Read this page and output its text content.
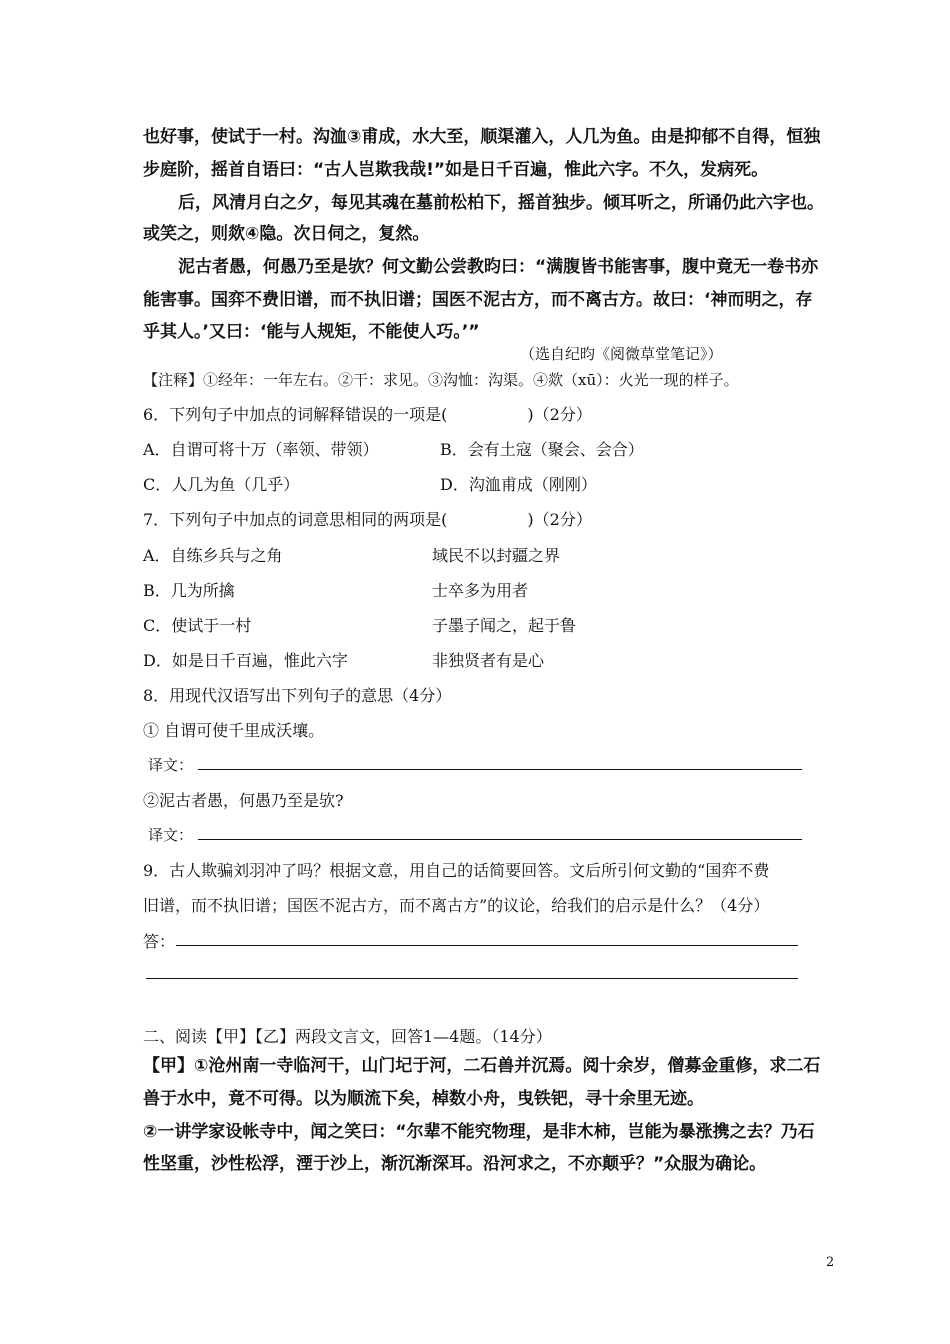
也好事，使试于一村。沟洫③甫成，水大至，顺渠灌入，人几为鱼。由是抑郁不自得，恒独
步庭阶，摇首自语曰：“古人岂欺我哉!”如是日千百遍，惟此六字。不久，发病死。
后，风清月白之夕，每见其魂在墓前松柏下，摇首独步。倾耳听之，所诵仍此六字也。
或笑之，则欻④隐。次日伺之，复然。
泥古者愚，何愚乃至是欤？何文勤公尝教昀曰：“满腹皆书能害事，腹中竟无一卷书亦
能害事。国弈不费旧谱，而不执旧谱；国医不泥古方，而不离古方。故曰：‘神而明之，存
乎其人。’又曰：‘能与人规矩，不能使人巧。’”
（选自纪昀《阅微草堂笔记》）
【注释】①经年：一年左右。②干：求见。③沟恤：沟渠。④欻（xū）：火光一现的样子。
6．下列句子中加点的词解释错误的一项是(　　　　　)（2分）
A．自谓可将十万（率领、带领）	B．会有土寇（聚会、会合）
C．人几为鱼（几乎）	D．沟洫甫成（刚刚）
7．下列句子中加点的词意思相同的两项是(　　　　　)（2分）
A．自练乡兵与之角	域民不以封疆之界
B．几为所擒	士卒多为用者
C．使试于一村	子墨子闻之，起于鲁
D．如是日千百遍，惟此六字	非独贤者有是心
8．用现代汉语写出下列句子的意思（4分）
① 自谓可使千里成沃壤。
译文：
②泥古者愚，何愚乃至是欤?
译文：
9．古人欺骗刘羽冲了吗？根据文意，用自己的话简要回答。文后所引何文勤的“国弈不费
旧谱，而不执旧谱；国医不泥古方，而不离古方”的议论，给我们的启示是什么？（4分）
答：
二、阅读【甲】【乙】两段文言文，回答1—4题。（14分）
【甲】①沧州南一寺临河干，山门圮于河，二石兽并沉焉。阅十余岁，僧募金重修，求二石
兽于水中，竟不可得。以为顺流下矣，棹数小舟，曳铁钯，寻十余里无迹。
②一讲学家设帐寺中，闻之笑曰：“尔辈不能究物理，是非木柿，岂能为暴涨携之去？乃石
性坚重，沙性松浮，湮于沙上，渐沉渐深耳。沿河求之，不亦颠乎？”众服为确论。
2
